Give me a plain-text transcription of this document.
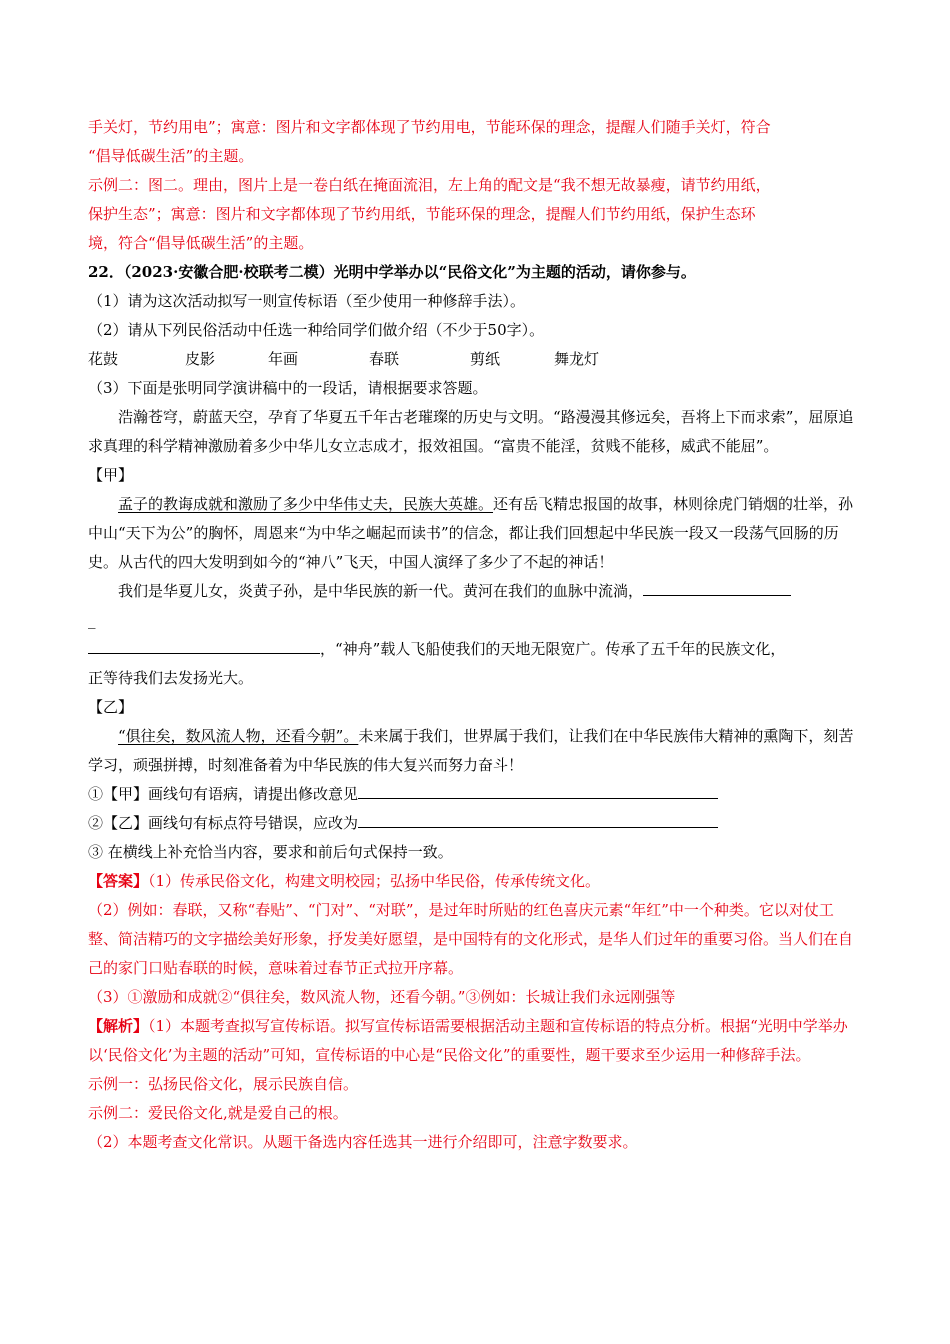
手关灯，节约用电”；寓意：图片和文字都体现了节约用电，节能环保的理念，提醒人们随手关灯，符合

“倡导低碳生活”的主题。

示例二：图二。理由，图片上是一卷白纸在掩面流泪，左上角的配文是“我不想无故暴瘦，请节约用纸，

保护生态”；寓意：图片和文字都体现了节约用纸，节能环保的理念，提醒人们节约用纸，保护生态环

境，符合“倡导低碳生活”的主题。

22．（2023·安徽合肥·校联考二模）光明中学举办以“民俗文化”为主题的活动，请你参与。

（1）请为这次活动拟写一则宣传标语（至少使用一种修辞手法）。

（2）请从下列民俗活动中任选一种给同学们做介绍（不少于50字）。

花鼓	皮影	年画	春联	剪纸	舞龙灯

（3）下面是张明同学演讲稿中的一段话，请根据要求答题。

浩瀚苍穹，蔚蓝天空，孕育了华夏五千年古老璀璨的历史与文明。“路漫漫其修远矣，吾将上下而求索”，屈原追求真理的科学精神激励着多少中华儿女立志成才，报效祖国。“富贵不能淫，贫贱不能移，威武不能屈”。

【甲】

孟子的教诲成就和激励了多少中华伟丈夫，民族大英雄。还有岳飞精忠报国的故事，林则徐虎门销烟的壮举，孙中山“天下为公”的胸怀，周恩来“为中华之崛起而读书”的信念，都让我们回想起中华民族一段又一段荡气回肠的历史。从古代的四大发明到如今的“神八”飞天，中国人演绎了多少了不起的神话！

我们是华夏儿女，炎黄子孙，是中华民族的新一代。黄河在我们的血脉中流淌，

_

，“神舟”载人飞船使我们的天地无限宽广。传承了五千年的民族文化，

正等待我们去发扬光大。

【乙】

“俱往矣，数风流人物，还看今朝”。未来属于我们，世界属于我们，让我们在中华民族伟大精神的熏陶下，刻苦学习，顽强拼搏，时刻准备着为中华民族的伟大复兴而努力奋斗！

①【甲】画线句有语病，请提出修改意见

②【乙】画线句有标点符号错误，应改为

③ 在横线上补充恰当内容，要求和前后句式保持一致。

【答案】（1）传承民俗文化，构建文明校园；弘扬中华民俗，传承传统文化。

（2）例如：春联，又称“春贴”、“门对”、“对联”，是过年时所贴的红色喜庆元素“年红”中一个种类。它以对仗工整、简洁精巧的文字描绘美好形象，抒发美好愿望，是中国特有的文化形式，是华人们过年的重要习俗。当人们在自己的家门口贴春联的时候，意味着过春节正式拉开序幕。

（3）①激励和成就②“俱往矣，数风流人物，还看今朝。”③例如：长城让我们永远刚强等

【解析】（1）本题考查拟写宣传标语。拟写宣传标语需要根据活动主题和宣传标语的特点分析。根据“光明中学举办以‘民俗文化’为主题的活动”可知，宣传标语的中心是“民俗文化”的重要性，题干要求至少运用一种修辞手法。

示例一：弘扬民俗文化，展示民族自信。

示例二：爱民俗文化,就是爱自己的根。

（2）本题考查文化常识。从题干备选内容任选其一进行介绍即可，注意字数要求。
